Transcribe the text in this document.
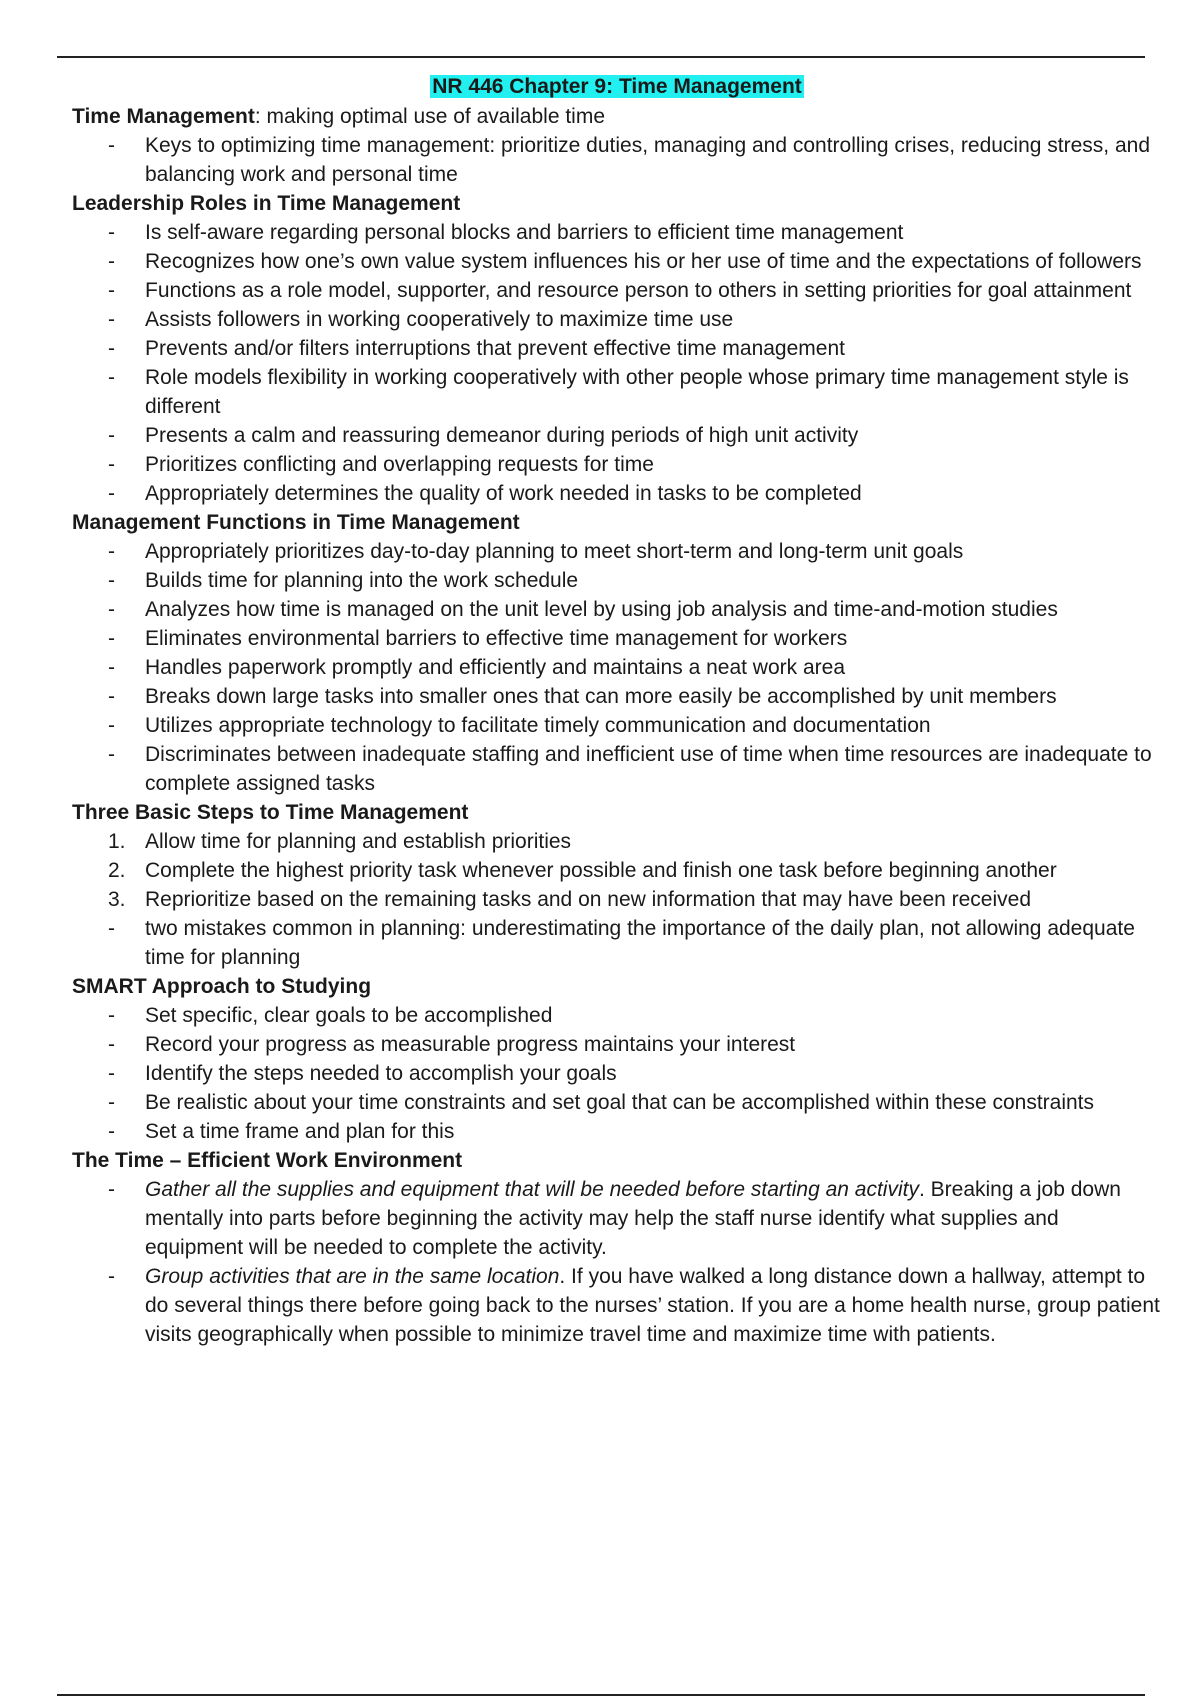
NR 446 Chapter 9: Time Management

Time Management: making optimal use of available time

-	Keys to optimizing time management: prioritize duties, managing and controlling crises, reducing stress, and balancing work and personal time

Leadership Roles in Time Management

-	Is self-aware regarding personal blocks and barriers to efficient time management
-	Recognizes how one’s own value system influences his or her use of time and the expectations of followers
-	Functions as a role model, supporter, and resource person to others in setting priorities for goal attainment
-	Assists followers in working cooperatively to maximize time use
-	Prevents and/or filters interruptions that prevent effective time management
-	Role models flexibility in working cooperatively with other people whose primary time management style is different
-	Presents a calm and reassuring demeanor during periods of high unit activity
-	Prioritizes conflicting and overlapping requests for time
-	Appropriately determines the quality of work needed in tasks to be completed

Management Functions in Time Management

-	Appropriately prioritizes day-to-day planning to meet short-term and long-term unit goals
-	Builds time for planning into the work schedule
-	Analyzes how time is managed on the unit level by using job analysis and time-and-motion studies
-	Eliminates environmental barriers to effective time management for workers
-	Handles paperwork promptly and efficiently and maintains a neat work area
-	Breaks down large tasks into smaller ones that can more easily be accomplished by unit members
-	Utilizes appropriate technology to facilitate timely communication and documentation
-	Discriminates between inadequate staffing and inefficient use of time when time resources are inadequate to complete assigned tasks

Three Basic Steps to Time Management

1. Allow time for planning and establish priorities
2. Complete the highest priority task whenever possible and finish one task before beginning another
3. Reprioritize based on the remaining tasks and on new information that may have been received
-	two mistakes common in planning: underestimating the importance of the daily plan, not allowing adequate time for planning

SMART Approach to Studying

-	Set specific, clear goals to be accomplished
-	Record your progress as measurable progress maintains your interest
-	Identify the steps needed to accomplish your goals
-	Be realistic about your time constraints and set goal that can be accomplished within these constraints
-	Set a time frame and plan for this

The Time – Efficient Work Environment

-	Gather all the supplies and equipment that will be needed before starting an activity. Breaking a job down mentally into parts before beginning the activity may help the staff nurse identify what supplies and equipment will be needed to complete the activity.
-	Group activities that are in the same location. If you have walked a long distance down a hallway, attempt to do several things there before going back to the nurses’ station. If you are a home health nurse, group patient visits geographically when possible to minimize travel time and maximize time with patients.
